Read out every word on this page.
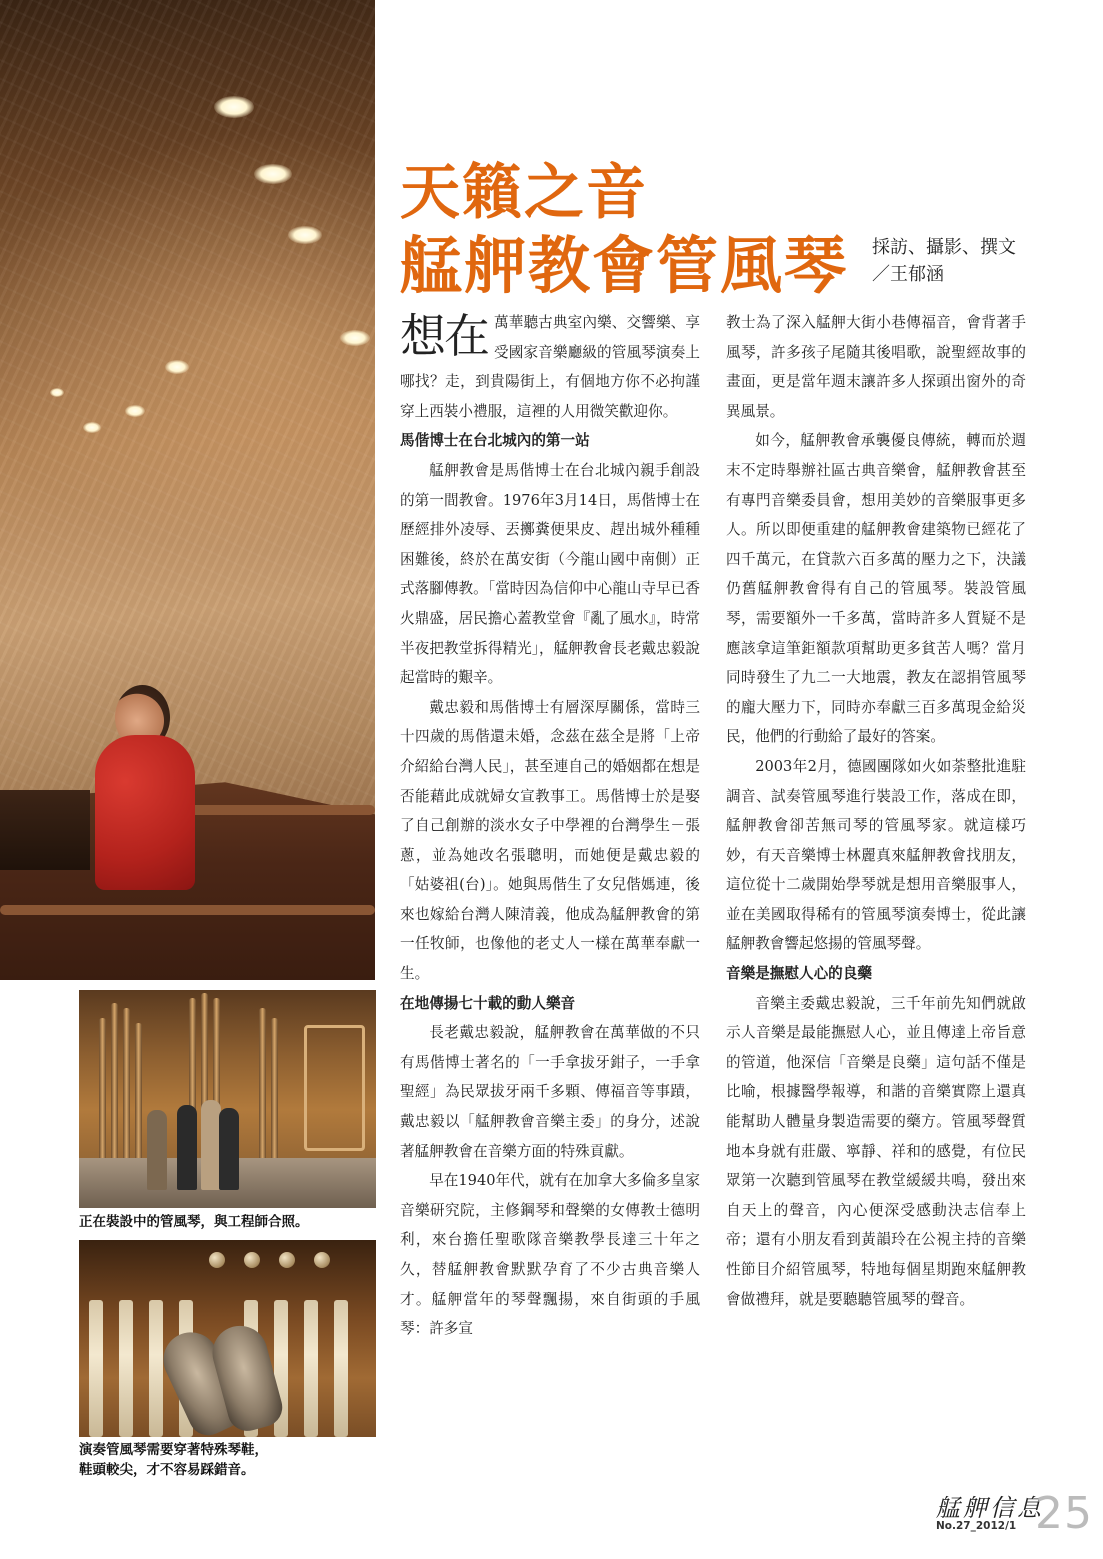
天籟之音
艋舺教會管風琴 採訪、攝影、撰文
／王郁涵

想在 萬華聽古典室內樂、交響樂、享受國家音樂廳級的管風琴演奏上哪找？走，到貴陽街上，有個地方你不必拘謹穿上西裝小禮服，這裡的人用微笑歡迎你。

馬偕博士在台北城內的第一站

艋舺教會是馬偕博士在台北城內親手創設的第一間教會。1976年3月14日，馬偕博士在歷經排外凌辱、丟擲糞便果皮、趕出城外種種困難後，終於在萬安街（今龍山國中南側）正式落腳傳教。「當時因為信仰中心龍山寺早已香火鼎盛，居民擔心蓋教堂會『亂了風水』，時常半夜把教堂拆得精光」，艋舺教會長老戴忠毅說起當時的艱辛。

戴忠毅和馬偕博士有層深厚關係，當時三十四歲的馬偕還未婚，念茲在茲全是將「上帝介紹給台灣人民」，甚至連自己的婚姻都在想是否能藉此成就婦女宣教事工。馬偕博士於是娶了自己創辦的淡水女子中學裡的台灣學生－張蔥，並為她改名張聰明，而她便是戴忠毅的「姑婆祖(台)」。她與馬偕生了女兒偕媽連，後來也嫁給台灣人陳清義，他成為艋舺教會的第一任牧師，也像他的老丈人一樣在萬華奉獻一生。

在地傳揚七十載的動人樂音

長老戴忠毅說，艋舺教會在萬華做的不只有馬偕博士著名的「一手拿拔牙鉗子，一手拿聖經」為民眾拔牙兩千多顆、傳福音等事蹟，戴忠毅以「艋舺教會音樂主委」的身分，述說著艋舺教會在音樂方面的特殊貢獻。

早在1940年代，就有在加拿大多倫多皇家音樂研究院，主修鋼琴和聲樂的女傳教士德明利，來台擔任聖歌隊音樂教學長達三十年之久，替艋舺教會默默孕育了不少古典音樂人才。艋舺當年的琴聲飄揚，來自街頭的手風琴：許多宣

教士為了深入艋舺大街小巷傳福音，會背著手風琴，許多孩子尾隨其後唱歌，說聖經故事的畫面，更是當年週末讓許多人探頭出窗外的奇異風景。

如今，艋舺教會承襲優良傳統，轉而於週末不定時舉辦社區古典音樂會，艋舺教會甚至有專門音樂委員會，想用美妙的音樂服事更多人。所以即便重建的艋舺教會建築物已經花了四千萬元，在貸款六百多萬的壓力之下，決議仍舊艋舺教會得有自己的管風琴。裝設管風琴，需要額外一千多萬，當時許多人質疑不是應該拿這筆鉅額款項幫助更多貧苦人嗎？當月同時發生了九二一大地震，教友在認捐管風琴的龐大壓力下，同時亦奉獻三百多萬現金給災民，他們的行動給了最好的答案。

2003年2月，德國團隊如火如荼整批進駐調音、試奏管風琴進行裝設工作，落成在即，艋舺教會卻苦無司琴的管風琴家。就這樣巧妙，有天音樂博士林麗真來艋舺教會找朋友，這位從十二歲開始學琴就是想用音樂服事人，並在美國取得稀有的管風琴演奏博士，從此讓艋舺教會響起悠揚的管風琴聲。

音樂是撫慰人心的良藥

音樂主委戴忠毅說，三千年前先知們就啟示人音樂是最能撫慰人心，並且傳達上帝旨意的管道，他深信「音樂是良藥」這句話不僅是比喻，根據醫學報導，和諧的音樂實際上還真能幫助人體量身製造需要的藥方。管風琴聲質地本身就有莊嚴、寧靜、祥和的感覺，有位民眾第一次聽到管風琴在教堂緩緩共鳴，發出來自天上的聲音，內心便深受感動決志信奉上帝；還有小朋友看到黃韻玲在公視主持的音樂性節目介紹管風琴，特地每個星期跑來艋舺教會做禮拜，就是要聽聽管風琴的聲音。

正在裝設中的管風琴，與工程師合照。
演奏管風琴需要穿著特殊琴鞋，
鞋頭較尖，才不容易踩錯音。
艋舺信息
No.27_2012/1 25
